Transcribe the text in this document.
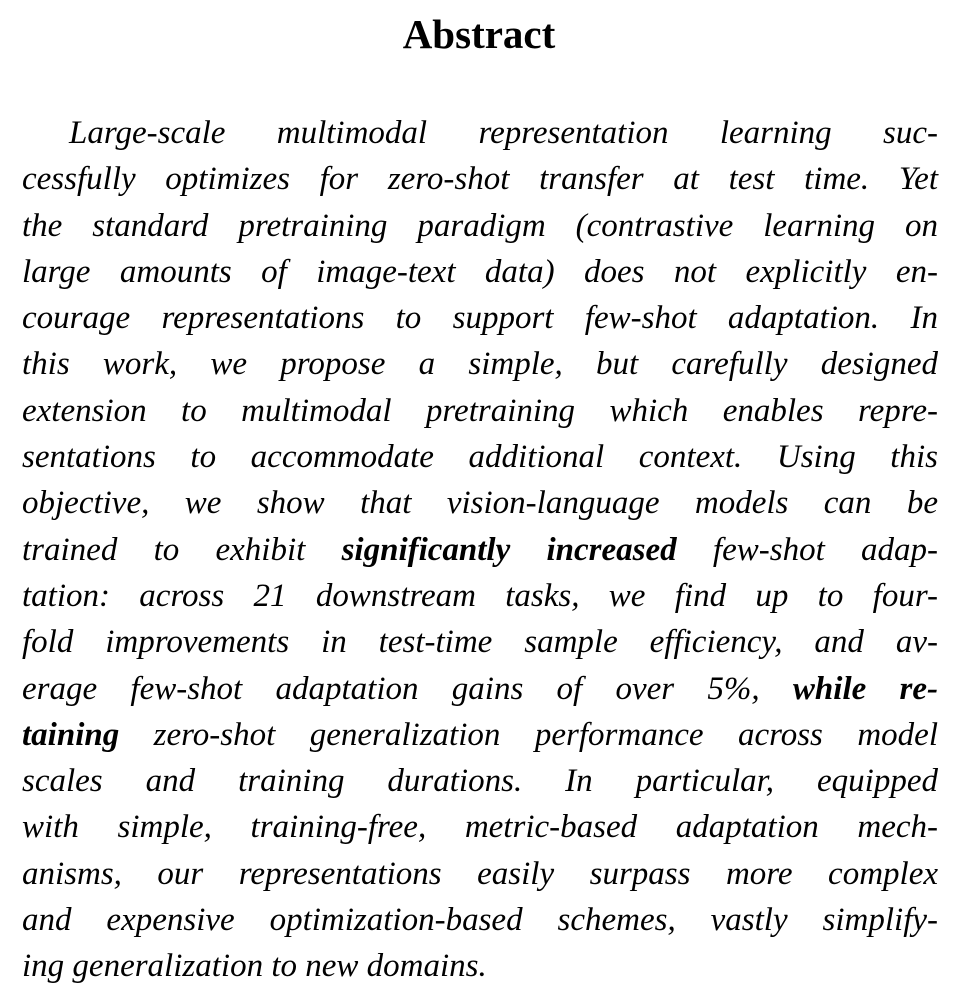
Abstract
Large-scale multimodal representation learning suc-
cessfully optimizes for zero-shot transfer at test time. Yet
the standard pretraining paradigm (contrastive learning on
large amounts of image-text data) does not explicitly en-
courage representations to support few-shot adaptation. In
this work, we propose a simple, but carefully designed
extension to multimodal pretraining which enables repre-
sentations to accommodate additional context. Using this
objective, we show that vision-language models can be
trained to exhibit significantly increased few-shot adap-
tation: across 21 downstream tasks, we find up to four-
fold improvements in test-time sample efficiency, and av-
erage few-shot adaptation gains of over 5%, while re-
taining zero-shot generalization performance across model
scales and training durations. In particular, equipped
with simple, training-free, metric-based adaptation mech-
anisms, our representations easily surpass more complex
and expensive optimization-based schemes, vastly simplify-
ing generalization to new domains.
